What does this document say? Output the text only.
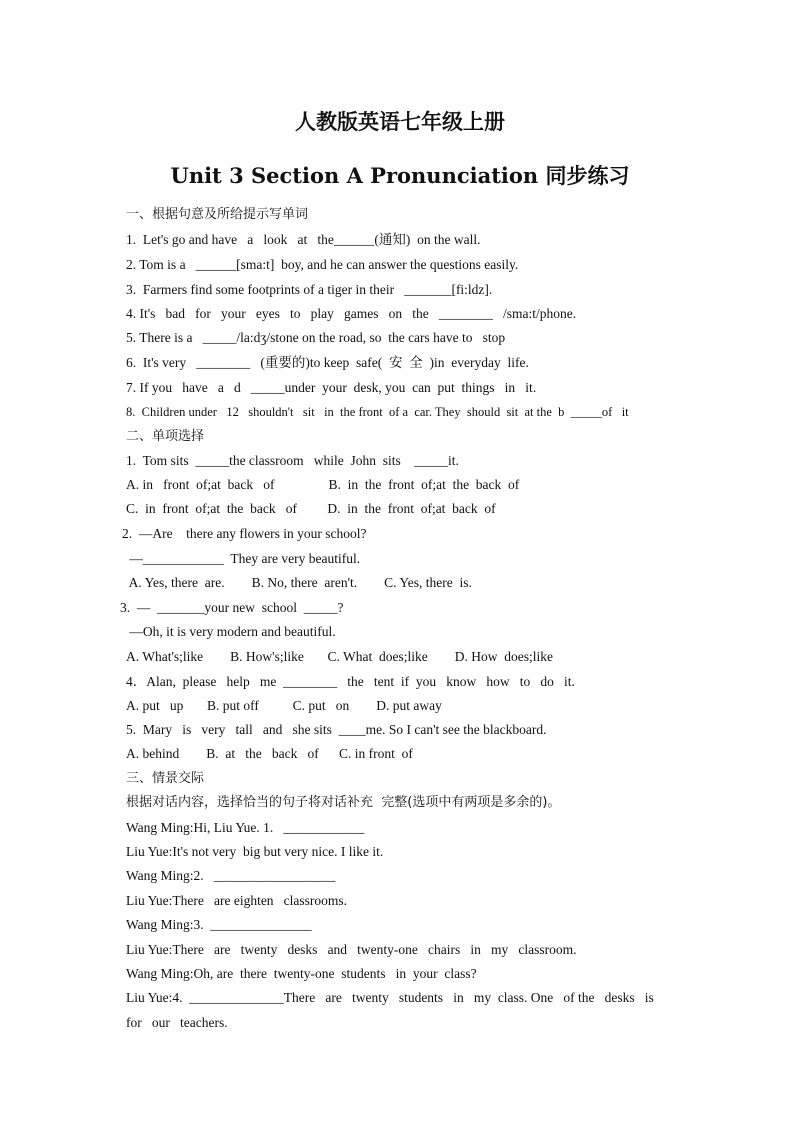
人教版英语七年级上册
Unit 3 Section A Pronunciation 同步练习
一、根据句意及所给提示写单词
1.  Let's go and have   a   look   at   the______(通知)  on the wall.
2. Tom is a   ______[sma:t]  boy, and he can answer the questions easily.
3.  Farmers find some footprints of a tiger in their   _______[fi:ldz].
4. It's   bad   for   your   eyes   to   play   games   on   the   ________   /sma:t/phone.
5. There is a   _____/la:dʒ/stone on the road, so  the cars have to   stop
6.  It's very   ________   (重要的)to keep  safe(  安  全  )in  everyday  life.
7. If you   have   a   d   _____under  your  desk, you  can  put  things   in   it.
8.  Children under   12   shouldn't   sit   in  the front  of a  car. They  should  sit  at the  b  _____of   it
二、单项选择
1.  Tom sits  _____the classroom   while  John  sits    _____it.
A. in   front  of;at  back   of                B.  in  the  front  of;at  the  back  of
C.  in  front  of;at  the  back   of         D.  in  the  front  of;at  back  of
2.  —Are    there any flowers in your school?
—____________  They are very beautiful.
A. Yes, there  are.        B. No, there  aren't.        C. Yes, there  is.
3.  —  _______your new  school  _____?
—Oh, it is very modern and beautiful.
A. What's;like        B. How's;like       C. What  does;like        D. How  does;like
4．Alan,  please   help   me  ________   the   tent  if  you   know   how   to   do   it.
A. put   up       B. put off          C. put   on        D. put away
5.  Mary   is   very   tall   and   she sits  ____me. So I can't see the blackboard.
A. behind        B.  at   the   back   of      C. in front  of
三、情景交际
根据对话内容，选择恰当的句子将对话补充  完整(选项中有两项是多余的)。
Wang Ming:Hi, Liu Yue. 1.   ____________
Liu Yue:It's not very  big but very nice. I like it.
Wang Ming:2.   __________________
Liu Yue:There   are eighten   classrooms.
Wang Ming:3.  _______________
Liu Yue:There   are   twenty   desks   and   twenty-one   chairs   in   my   classroom.
Wang Ming:Oh, are  there  twenty-one  students   in  your  class?
Liu Yue:4.  ______________There   are   twenty   students   in   my  class. One   of the   desks   is
for   our   teachers.
